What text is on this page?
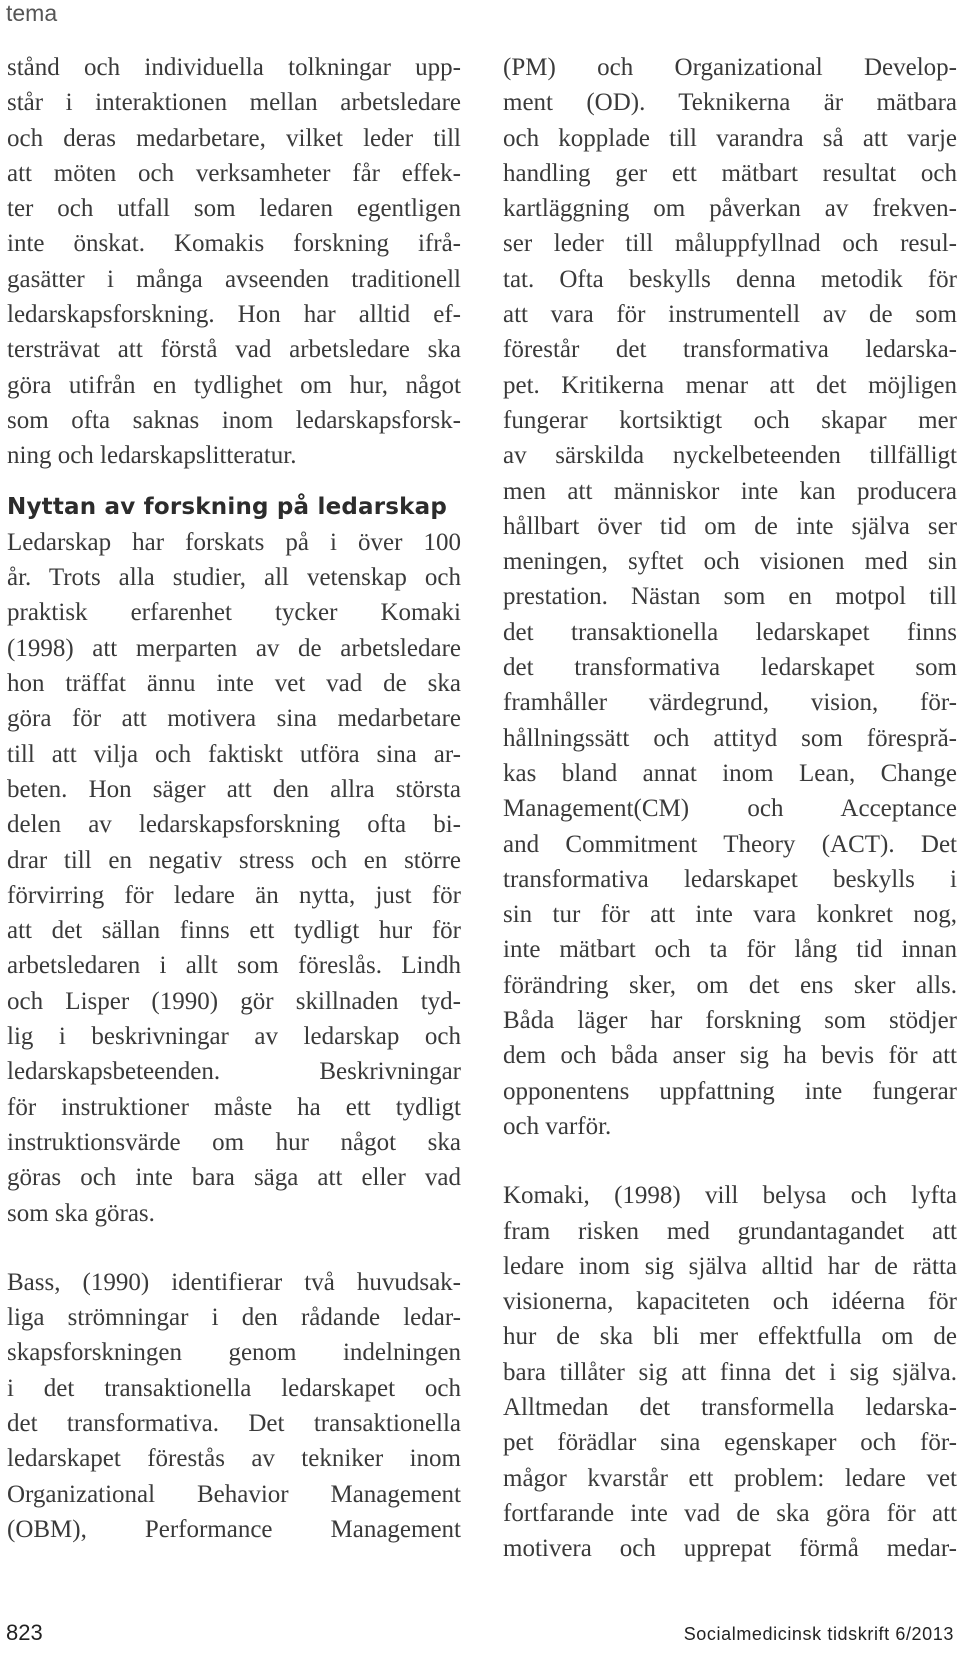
tema
stånd och individuella tolkningar upp-
står i interaktionen mellan arbetsledare
och deras medarbetare, vilket leder till
att möten och verksamheter får effek-
ter och utfall som ledaren egentligen
inte önskat. Komakis forskning ifrå-
gasätter i många avseenden traditionell
ledarskapsforskning. Hon har alltid ef-
tersträvat att förstå vad arbetsledare ska
göra utifrån en tydlighet om hur, något
som ofta saknas inom ledarskapsforsk-
ning och ledarskapslitteratur.
Nyttan av forskning på ledarskap
Ledarskap har forskats på i över 100
år. Trots alla studier, all vetenskap och
praktisk erfarenhet tycker Komaki
(1998) att merparten av de arbetsledare
hon träffat ännu inte vet vad de ska
göra för att motivera sina medarbetare
till att vilja och faktiskt utföra sina ar-
beten. Hon säger att den allra största
delen av ledarskapsforskning ofta bi-
drar till en negativ stress och en större
förvirring för ledare än nytta, just för
att det sällan finns ett tydligt hur för
arbetsledaren i allt som föreslås. Lindh
och Lisper (1990) gör skillnaden tyd-
lig i beskrivningar av ledarskap och
ledarskapsbeteenden. Beskrivningar
för instruktioner måste ha ett tydligt
instruktionsvärde om hur något ska
göras och inte bara säga att eller vad
som ska göras.
Bass, (1990) identifierar två huvudsak-
liga strömningar i den rådande ledar-
skapsforskningen genom indelningen
i det transaktionella ledarskapet och
det transformativa. Det transaktionella
ledarskapet förestås av tekniker inom
Organizational Behavior Management
(OBM), Performance Management
(PM) och Organizational Develop-
ment (OD). Teknikerna är mätbara
och kopplade till varandra så att varje
handling ger ett mätbart resultat och
kartläggning om påverkan av frekven-
ser leder till måluppfyllnad och resul-
tat. Ofta beskylls denna metodik för
att vara för instrumentell av de som
förestår det transformativa ledarska-
pet. Kritikerna menar att det möjligen
fungerar kortsiktigt och skapar mer
av särskilda nyckelbeteenden tillfälligt
men att människor inte kan producera
hållbart över tid om de inte själva ser
meningen, syftet och visionen med sin
prestation. Nästan som en motpol till
det transaktionella ledarskapet finns
det transformativa ledarskapet som
framhåller värdegrund, vision, för-
hållningssätt och attityd som förespră-
kas bland annat inom Lean, Change
Management(CM) och Acceptance
and Commitment Theory (ACT). Det
transformativa ledarskapet beskylls i
sin tur för att inte vara konkret nog,
inte mätbart och ta för lång tid innan
förändring sker, om det ens sker alls.
Båda läger har forskning som stödjer
dem och båda anser sig ha bevis för att
opponentens uppfattning inte fungerar
och varför.
Komaki, (1998) vill belysa och lyfta
fram risken med grundantagandet att
ledare inom sig själva alltid har de rätta
visionerna, kapaciteten och idéerna för
hur de ska bli mer effektfulla om de
bara tillåter sig att finna det i sig själva.
Alltmedan det transformella ledarska-
pet förädlar sina egenskaper och för-
mågor kvarstår ett problem: ledare vet
fortfarande inte vad de ska göra för att
motivera och upprepat förmå medar-
823	Socialmedicinsk tidskrift 6/2013
